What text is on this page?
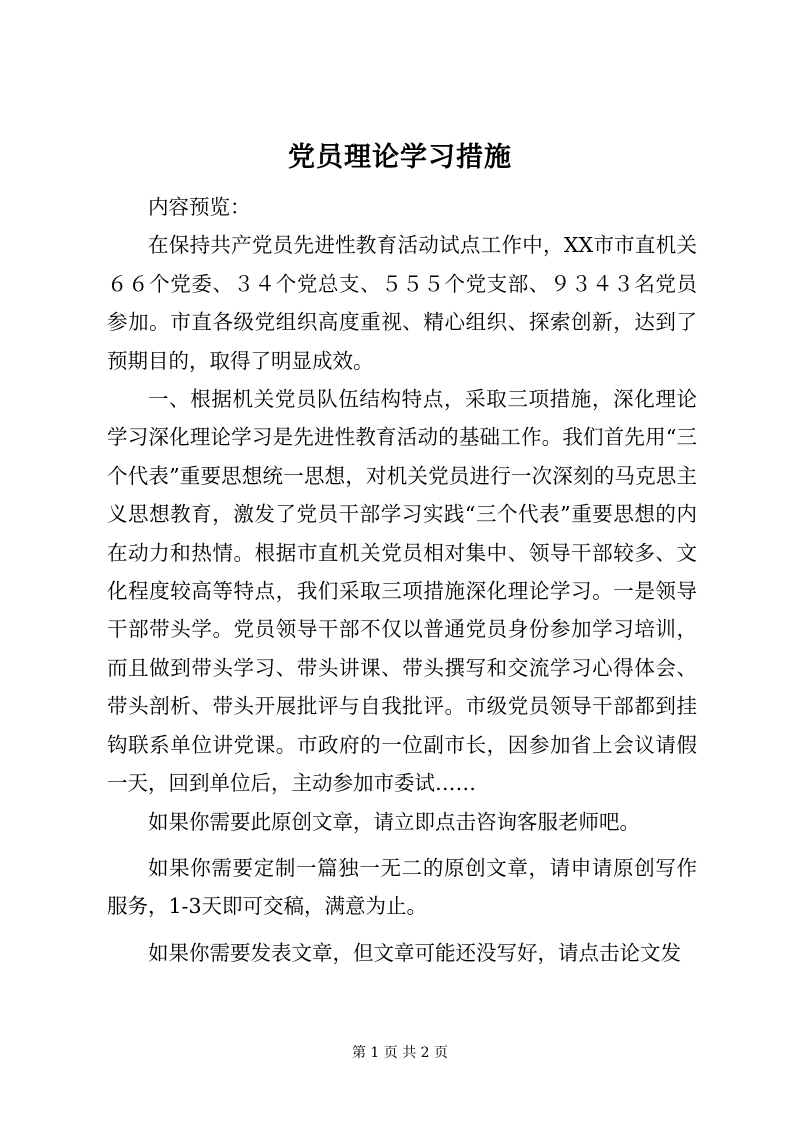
党员理论学习措施

内容预览：

在保持共产党员先进性教育活动试点工作中，XX市市直机关６６个党委、３４个党总支、５５５个党支部、９３４３名党员参加。市直各级党组织高度重视、精心组织、探索创新，达到了预期目的，取得了明显成效。

一、根据机关党员队伍结构特点，采取三项措施，深化理论学习深化理论学习是先进性教育活动的基础工作。我们首先用“三个代表”重要思想统一思想，对机关党员进行一次深刻的马克思主义思想教育，激发了党员干部学习实践“三个代表”重要思想的内在动力和热情。根据市直机关党员相对集中、领导干部较多、文化程度较高等特点，我们采取三项措施深化理论学习。一是领导干部带头学。党员领导干部不仅以普通党员身份参加学习培训，而且做到带头学习、带头讲课、带头撰写和交流学习心得体会、带头剖析、带头开展批评与自我批评。市级党员领导干部都到挂钩联系单位讲党课。市政府的一位副市长，因参加省上会议请假一天，回到单位后，主动参加市委试……

如果你需要此原创文章，请立即点击咨询客服老师吧。

如果你需要定制一篇独一无二的原创文章，请申请原创写作服务，1-3天即可交稿，满意为止。

如果你需要发表文章，但文章可能还没写好，请点击论文发

第 1 页 共 2 页
